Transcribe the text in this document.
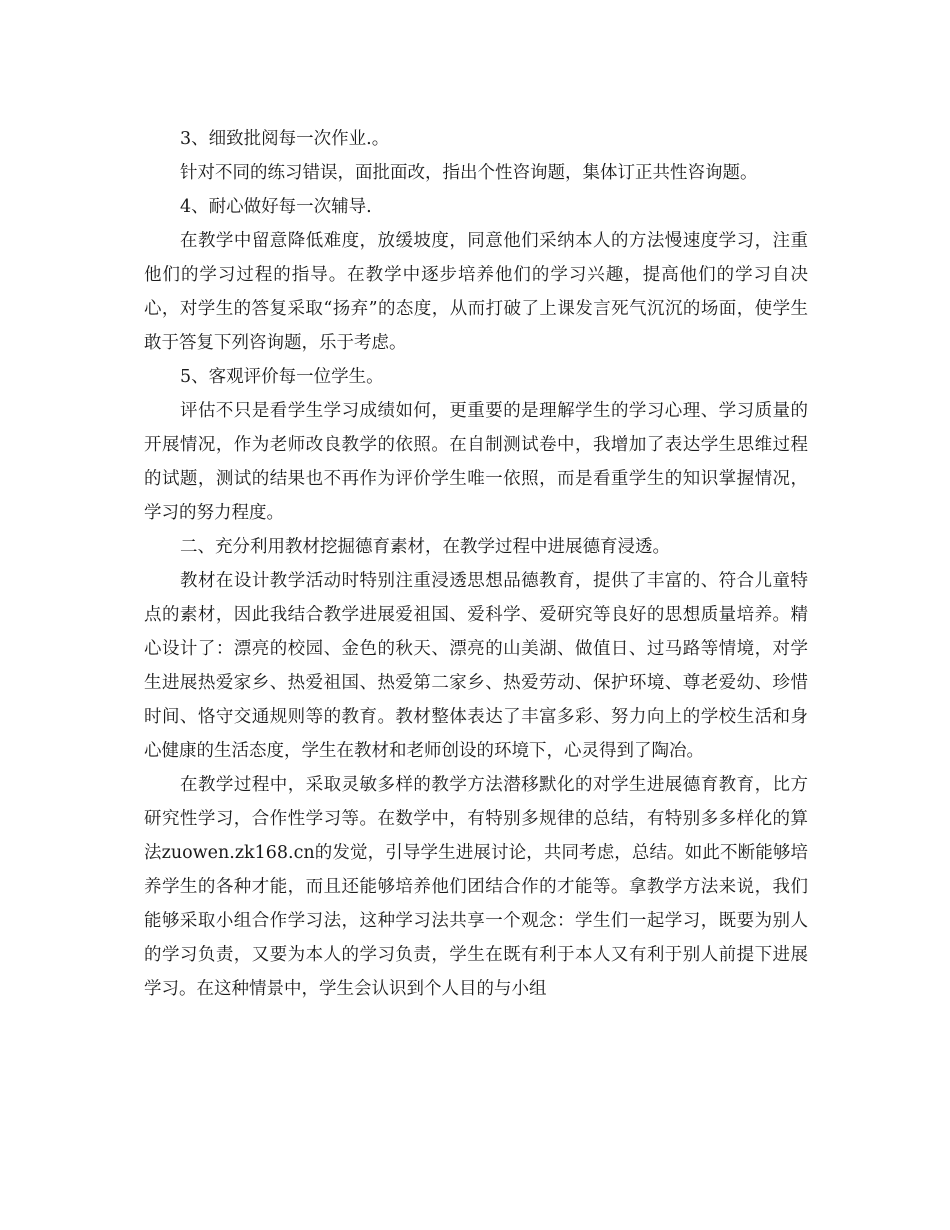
3、细致批阅每一次作业.。

针对不同的练习错误，面批面改，指出个性咨询题，集体订正共性咨询题。

4、耐心做好每一次辅导.

在教学中留意降低难度，放缓坡度，同意他们采纳本人的方法慢速度学习，注重他们的学习过程的指导。在教学中逐步培养他们的学习兴趣，提高他们的学习自决心，对学生的答复采取“扬弃”的态度，从而打破了上课发言死气沉沉的场面，使学生敢于答复下列咨询题，乐于考虑。

5、客观评价每一位学生。

评估不只是看学生学习成绩如何，更重要的是理解学生的学习心理、学习质量的开展情况，作为老师改良教学的依照。在自制测试卷中，我增加了表达学生思维过程的试题，测试的结果也不再作为评价学生唯一依照，而是看重学生的知识掌握情况，学习的努力程度。

二、充分利用教材挖掘德育素材，在教学过程中进展德育浸透。

教材在设计教学活动时特别注重浸透思想品德教育，提供了丰富的、符合儿童特点的素材，因此我结合教学进展爱祖国、爱科学、爱研究等良好的思想质量培养。精心设计了：漂亮的校园、金色的秋天、漂亮的山美湖、做值日、过马路等情境，对学生进展热爱家乡、热爱祖国、热爱第二家乡、热爱劳动、保护环境、尊老爱幼、珍惜时间、恪守交通规则等的教育。教材整体表达了丰富多彩、努力向上的学校生活和身心健康的生活态度，学生在教材和老师创设的环境下，心灵得到了陶冶。

在教学过程中，采取灵敏多样的教学方法潜移默化的对学生进展德育教育，比方研究性学习，合作性学习等。在数学中，有特别多规律的总结，有特别多多样化的算法zuowen.zk168.cn的发觉，引导学生进展讨论，共同考虑，总结。如此不断能够培养学生的各种才能，而且还能够培养他们团结合作的才能等。拿教学方法来说，我们能够采取小组合作学习法，这种学习法共享一个观念：学生们一起学习，既要为别人的学习负责，又要为本人的学习负责，学生在既有利于本人又有利于别人前提下进展学习。在这种情景中，学生会认识到个人目的与小组
